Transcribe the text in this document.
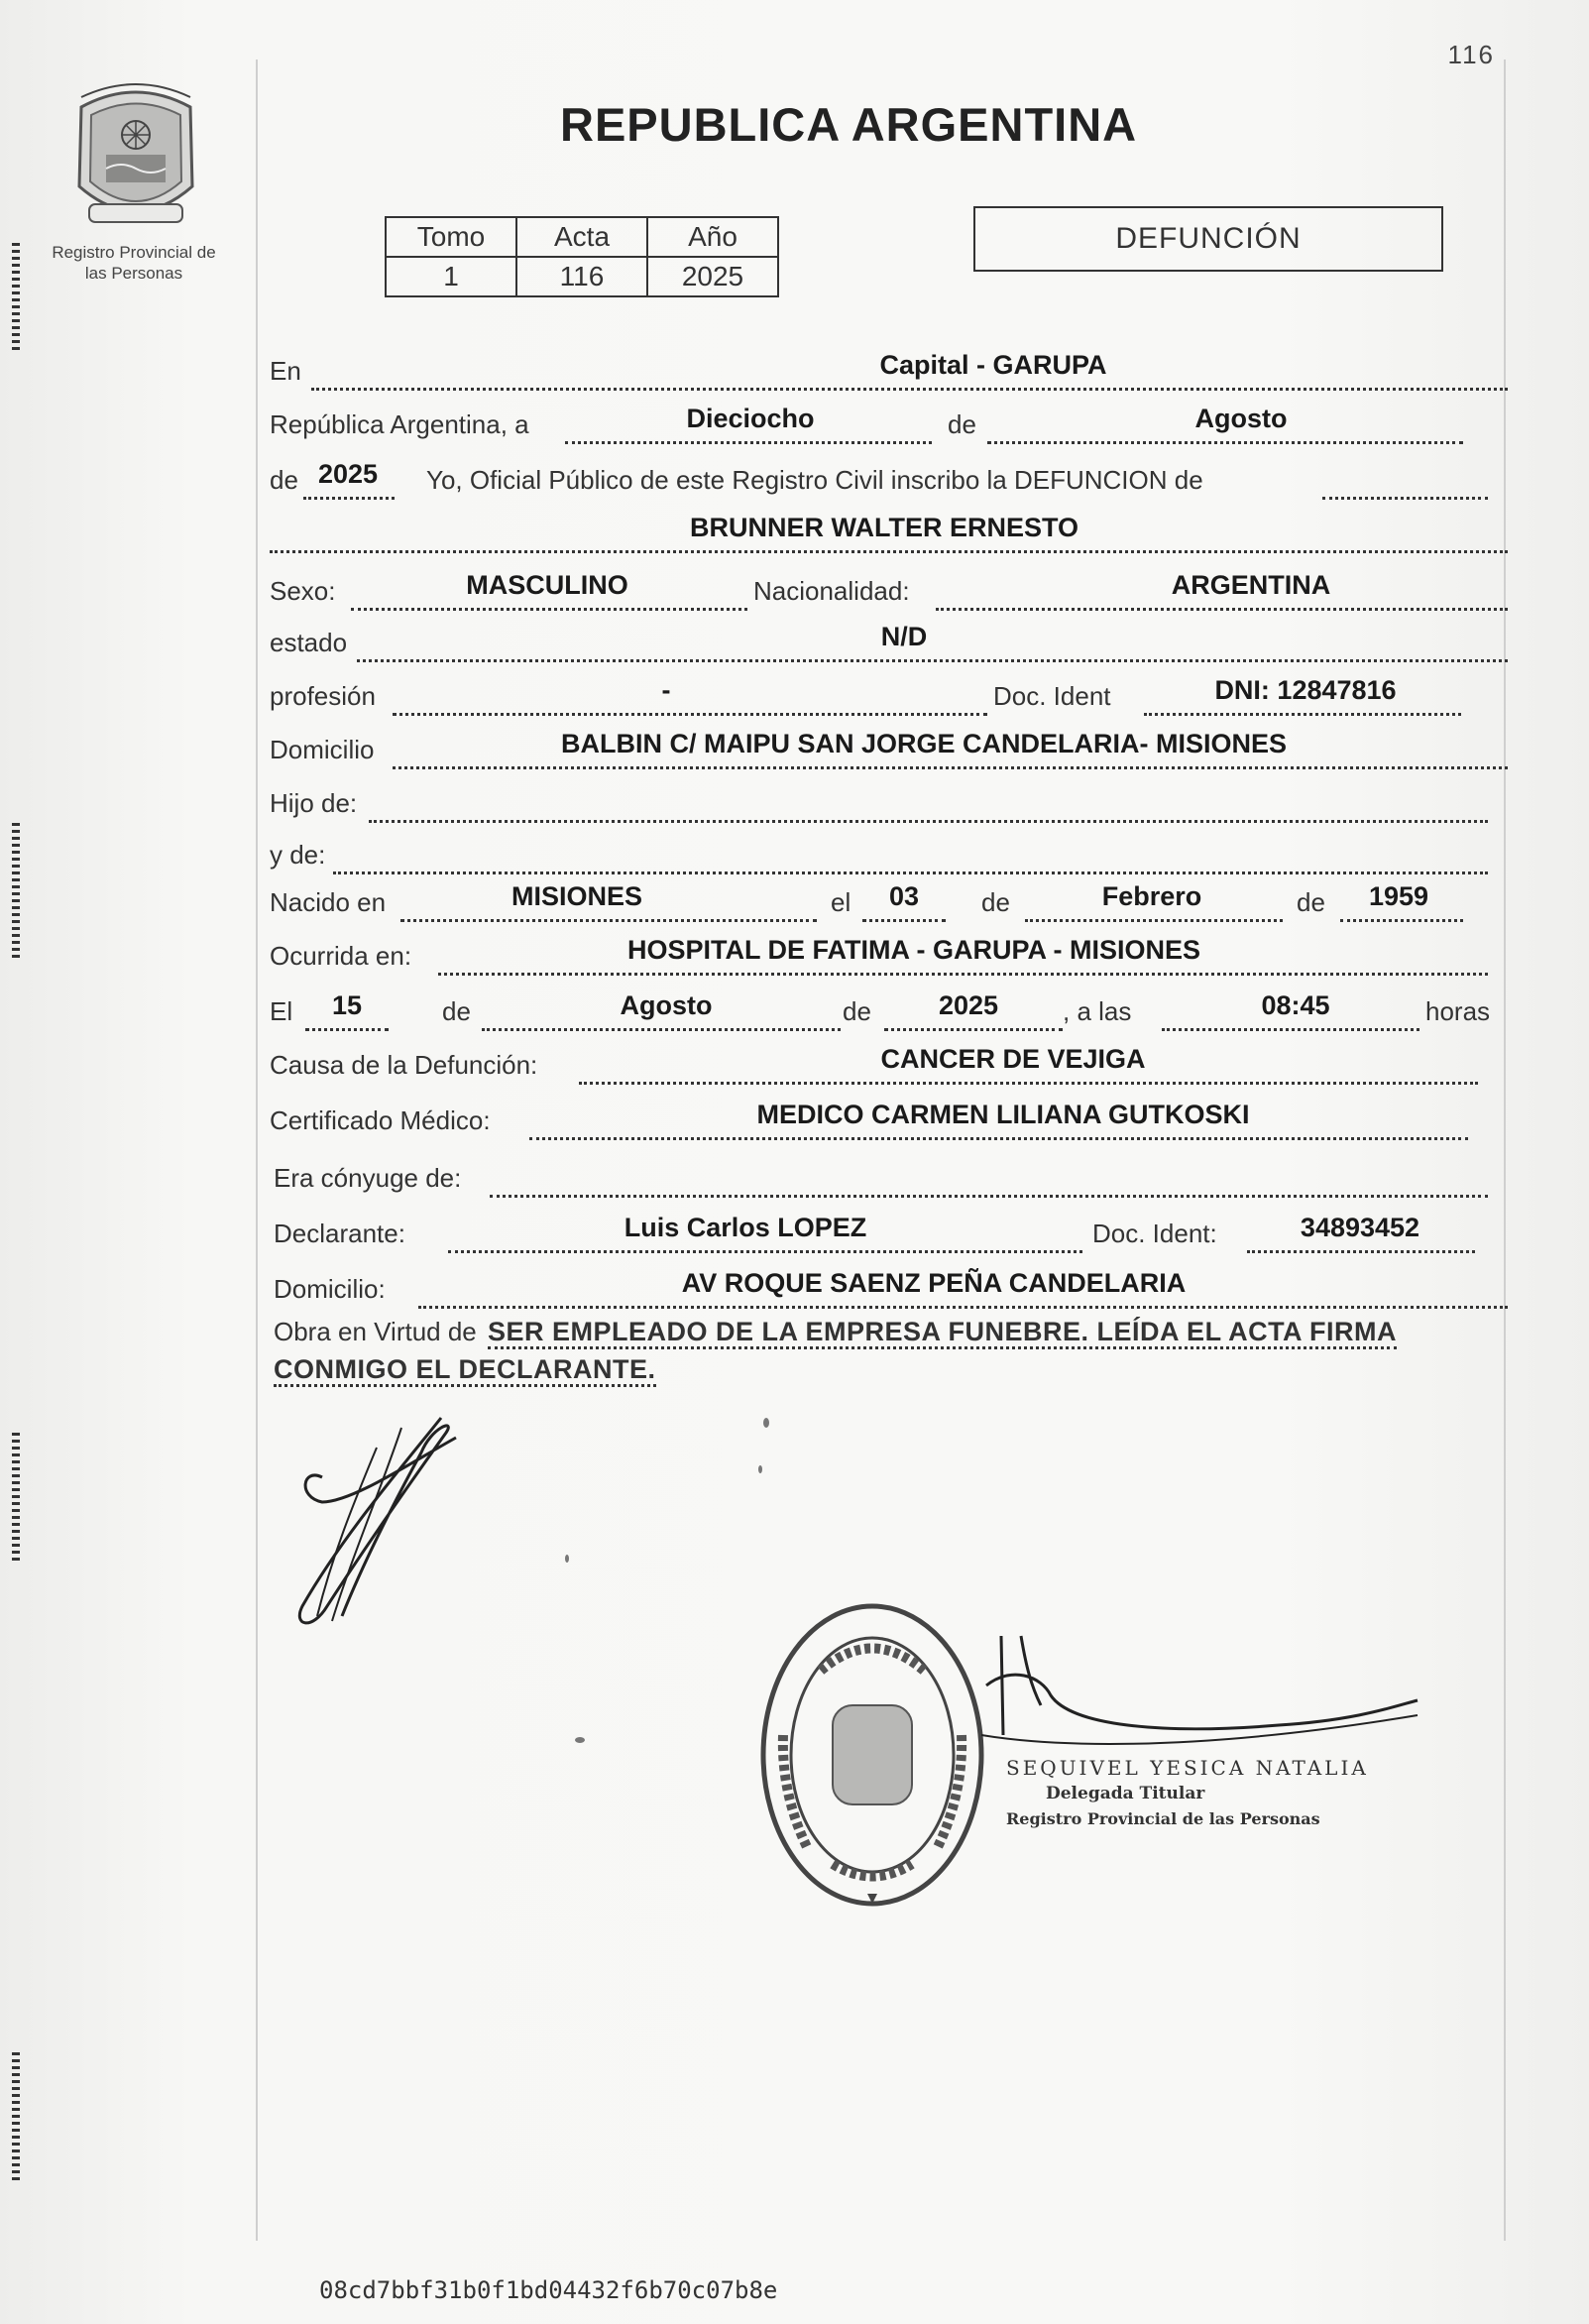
116
Registro Provincial de
las Personas
REPUBLICA ARGENTINA
Tomo	Acta	Año
1	116	2025
DEFUNCIÓN
En	Capital - GARUPA
República Argentina, a	Dieciocho	de	Agosto
de 2025	Yo, Oficial Público de este Registro Civil inscribo la DEFUNCION de
BRUNNER WALTER ERNESTO
Sexo:	MASCULINO	Nacionalidad:	ARGENTINA
estado	N/D
profesión	-	Doc. Ident	DNI: 12847816
Domicilio	BALBIN C/ MAIPU SAN JORGE CANDELARIA- MISIONES
Hijo de:
y de:
Nacido en	MISIONES	el	03	de	Febrero	de	1959
Ocurrida en:	HOSPITAL DE FATIMA - GARUPA - MISIONES
El	15	de	Agosto	de	2025	, a las	08:45	horas
Causa de la Defunción:	CANCER DE VEJIGA
Certificado Médico:	MEDICO CARMEN LILIANA GUTKOSKI
Era cónyuge de:
Declarante:	Luis Carlos LOPEZ	Doc. Ident:	34893452
Domicilio:	AV ROQUE SAENZ PEÑA CANDELARIA
Obra en Virtud de SER EMPLEADO DE LA EMPRESA FUNEBRE. LEÍDA EL ACTA FIRMA
CONMIGO EL DECLARANTE.
SEQUIVEL YESICA NATALIA
Delegada Titular
Registro Provincial de las Personas
08cd7bbf31b0f1bd04432f6b70c07b8e
